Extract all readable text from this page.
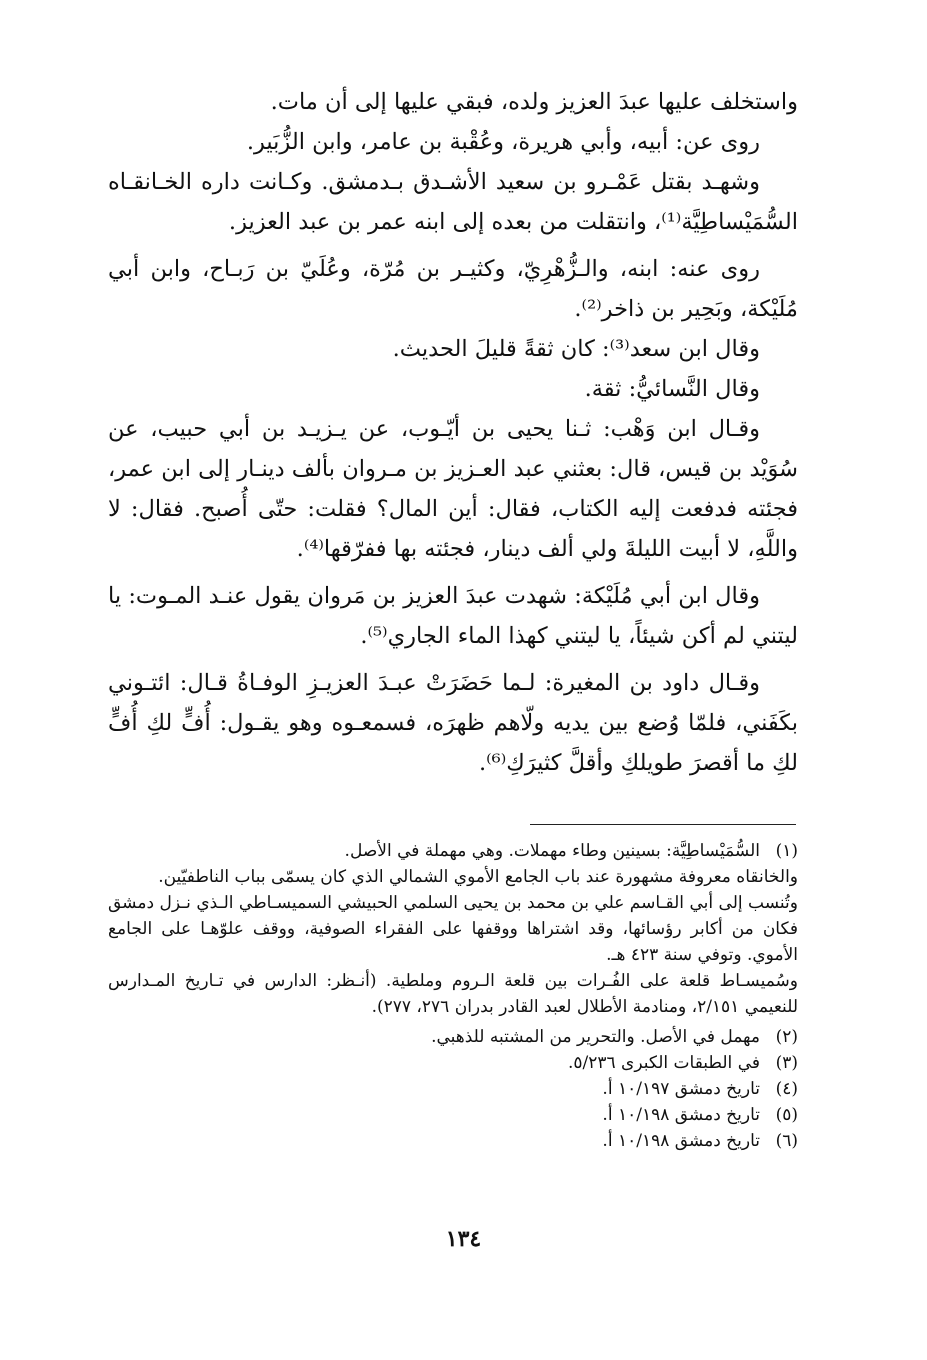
واستخلف عليها عبدَ العزيز ولده، فبقي عليها إلى أن مات.

روى عن: أبيه، وأبي هريرة، وعُقْبة بن عامر، وابن الزُّبَير.

وشهـد بقتل عَمْـرو بن سعيد الأشـدق بـدمشق. وكـانت داره الخـانقـاه السُّمَيْساطِيَّة⁽¹⁾، وانتقلت من بعده إلى ابنه عمر بن عبد العزيز.

روى عنه: ابنه، والـزُّهْرِيّ، وكثيـر بن مُرّة، وعُلَيّ بن رَبـاح، وابن أبي مُلَيْكة، وبَحِير بن ذاخر⁽²⁾.

وقال ابن سعد⁽³⁾: كان ثقةً قليلَ الحديث.

وقال النَّسائيُّ: ثقة.

وقـال ابن وَهْب: ثـنا يحيى بن أيّـوب، عن يـزيـد بن أبي حبيب، عن سُوَيْد بن قيس، قال: بعثني عبد العـزيز بن مـروان بألف دينـار إلى ابن عمر، فجئته فدفعت إليه الكتاب، فقال: أين المال؟ فقلت: حتّى أُصبح. فقال: لا واللَّهِ، لا أبيت الليلةَ ولي ألف دينار، فجئته بها ففرّقها⁽⁴⁾.

وقال ابن أبي مُلَيْكة: شهدت عبدَ العزيز بن مَروان يقول عنـد المـوت: يا ليتني لم أكن شيئاً، يا ليتني كهذا الماء الجاري⁽⁵⁾.

وقـال داود بن المغيرة: لـما حَضَرَتْ عبـدَ العزيـزِ الوفـاةُ قـال: ائتـوني بكَفَني، فلمّا وُضع بين يديه ولّاهم ظهرَه، فسمعـوه وهو يقـول: أُفٍّ لكِ أُفٍّ لكِ ما أقصرَ طويلكِ وأقلَّ كثيرَكِ⁽⁶⁾.

(١)

السُّمَيْساطِيَّة: بسينين وطاء مهملات. وهي مهملة في الأصل.

والخانقاه معروفة مشهورة عند باب الجامع الأموي الشمالي الذي كان يسمّى بباب الناطفيّين.

وتُنسب إلى أبي القـاسم علي بن محمد بن يحيى السلمي الحبيشي السميسـاطي الـذي نـزل دمشق فكان من أكابر رؤسائها، وقد اشتراها ووقفها على الفقراء الصوفية، ووقف علوّهـا على الجامع الأموي. وتوفي سنة ٤٢٣ هـ.

وسُميسـاط قلعة على الفُـرات بين قلعة الـروم وملطية. (أنـظر: الدارس في تـاريخ المـدارس للنعيمي ٢/١٥١، ومنادمة الأطلال لعبد القادر بدران ٢٧٦، ٢٧٧).

(٢)

مهمل في الأصل. والتحرير من المشتبه للذهبي.

(٣)

في الطبقات الكبرى ٥/٢٣٦.

(٤)

تاريخ دمشق ١٠/١٩٧ أ.

(٥)

تاريخ دمشق ١٠/١٩٨ أ.

(٦)

تاريخ دمشق ١٠/١٩٨ أ.

١٣٤
